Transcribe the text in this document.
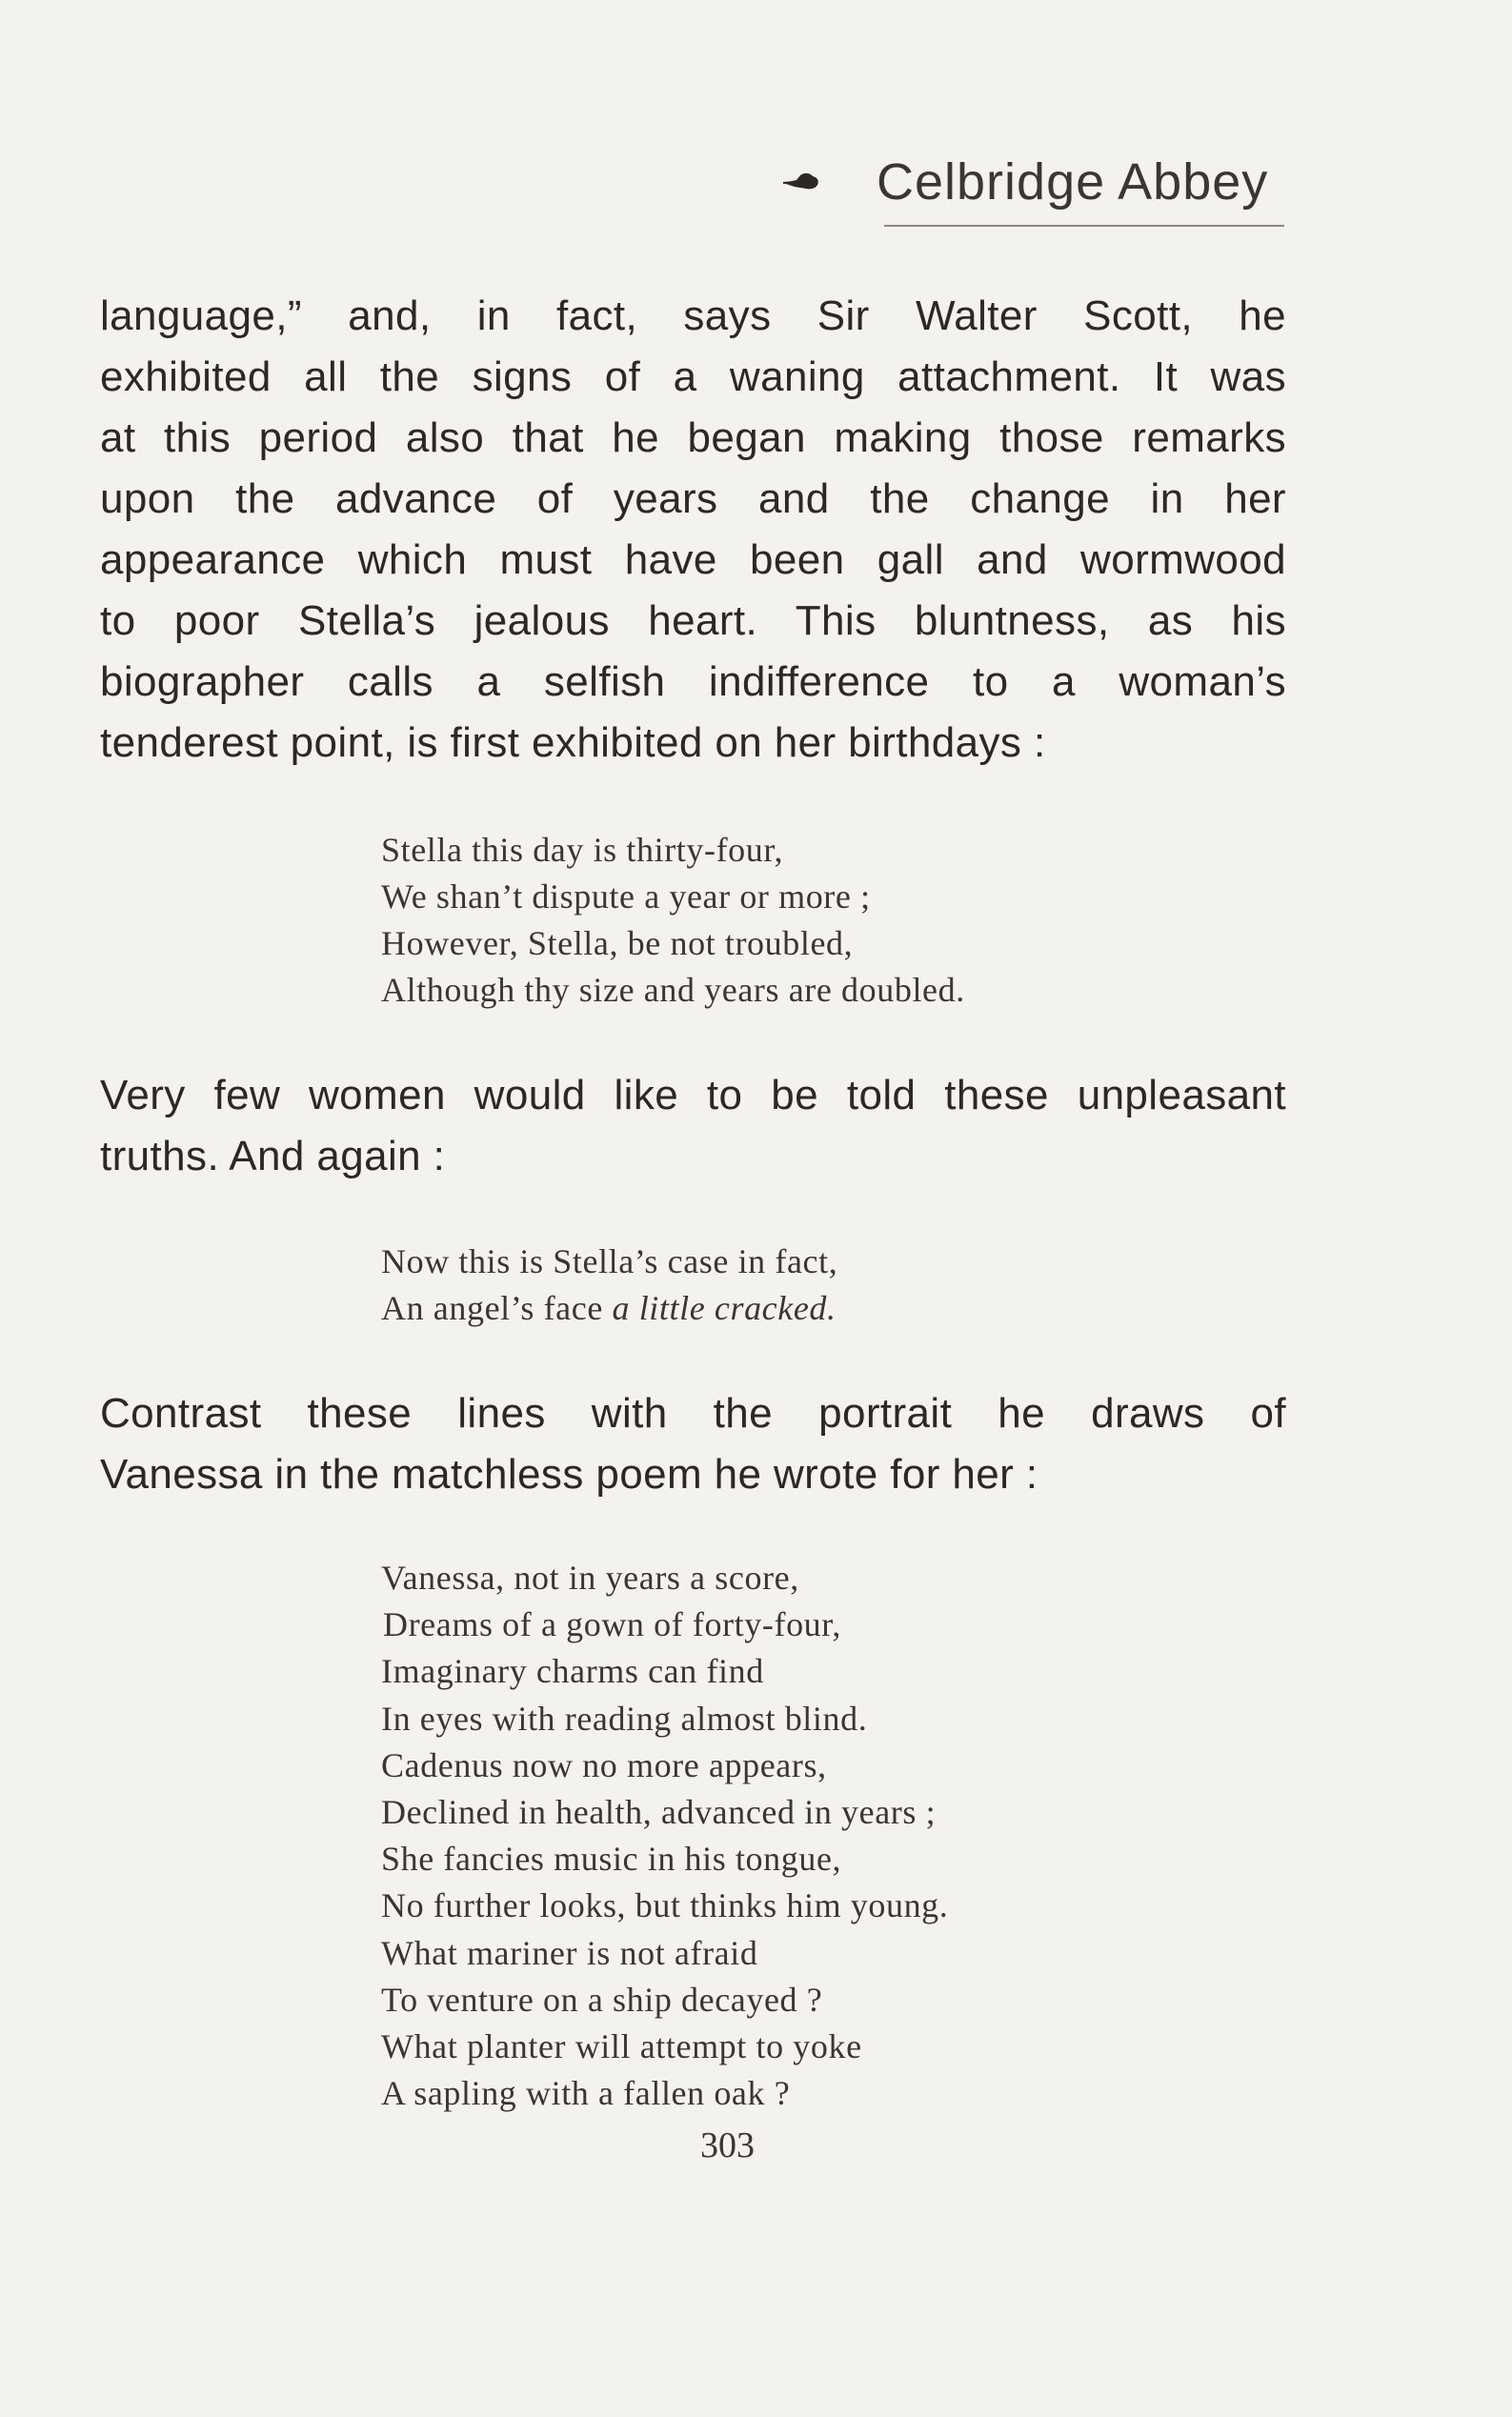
Celbridge Abbey
language,” and, in fact, says Sir Walter Scott, he
exhibited all the signs of a waning attachment. It was
at this period also that he began making those remarks
upon the advance of years and the change in her
appearance which must have been gall and wormwood
to poor Stella’s jealous heart. This bluntness, as his
biographer calls a selfish indifference to a woman’s
tenderest point, is first exhibited on her birthdays :
Stella this day is thirty-four,
We shan’t dispute a year or more ;
However, Stella, be not troubled,
Although thy size and years are doubled.
Very few women would like to be told these unpleasant
truths. And again :
Now this is Stella’s case in fact,
An angel’s face a little cracked.
Contrast these lines with the portrait he draws of
Vanessa in the matchless poem he wrote for her :
Vanessa, not in years a score,
Dreams of a gown of forty-four,
Imaginary charms can find
In eyes with reading almost blind.
Cadenus now no more appears,
Declined in health, advanced in years ;
She fancies music in his tongue,
No further looks, but thinks him young.
What mariner is not afraid
To venture on a ship decayed ?
What planter will attempt to yoke
A sapling with a fallen oak ?
303
